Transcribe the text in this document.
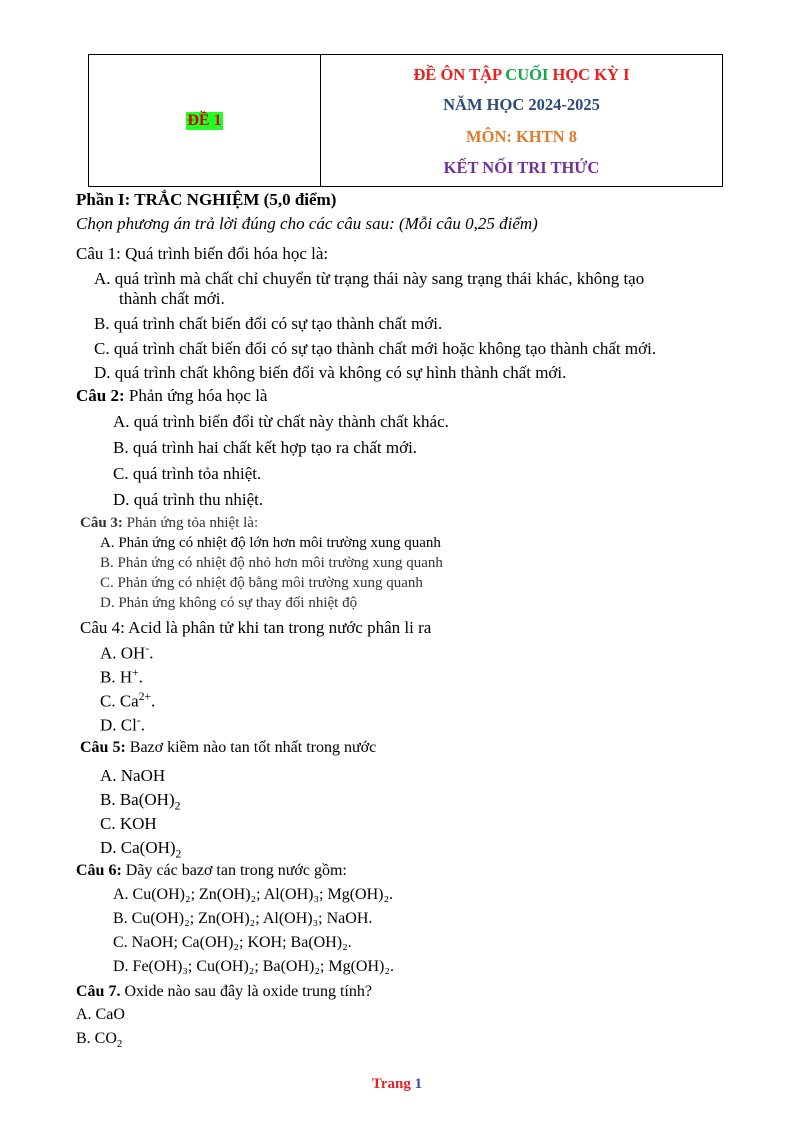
ĐỀ 1
ĐỀ ÔN TẬP CUỐI HỌC KỲ I
NĂM HỌC 2024-2025
MÔN: KHTN 8
KẾT NỐI TRI THỨC
Phần I: TRẮC NGHIỆM (5,0 điểm)
Chọn phương án trả lời đúng cho các câu sau: (Mỗi câu 0,25 điểm)
Câu 1: Quá trình biến đổi hóa học là:
A. quá trình mà chất chỉ chuyển từ trạng thái này sang trạng thái khác, không tạo
thành chất mới.
B. quá trình chất biến đổi có sự tạo thành chất mới.
C. quá trình chất biến đổi có sự tạo thành chất mới hoặc không tạo thành chất mới.
D. quá trình chất không biến đổi và không có sự hình thành chất mới.
Câu 2: Phản ứng hóa học là
A. quá trình biến đổi từ chất này thành chất khác.
B. quá trình hai chất kết hợp tạo ra chất mới.
C. quá trình tỏa nhiệt.
D. quá trình thu nhiệt.
Câu 3: Phản ứng tỏa nhiệt là:
A. Phản ứng có nhiệt độ lớn hơn môi trường xung quanh
B. Phản ứng có nhiệt độ nhỏ hơn môi trường xung quanh
C. Phản ứng có nhiệt độ bằng môi trường xung quanh
D. Phản ứng không có sự thay đổi nhiệt độ
Câu 4: Acid là phân tử khi tan trong nước phân li ra
A. OH-.
B. H+.
C. $Ca^{2+}$.
D. Cl-.
Câu 5: Bazơ kiềm nào tan tốt nhất trong nước
A. NaOH
B. $Ba(OH)_2$
C. KOH
D. $Ca(OH)_2$
Câu 6: Dãy các bazơ tan trong nước gồm:
A. Cu(OH)₂; Zn(OH)₂; Al(OH)₃; Mg(OH)₂.
B. Cu(OH)₂; Zn(OH)₂; Al(OH)₃; NaOH.
C. NaOH; Ca(OH)₂; KOH; Ba(OH)₂.
D. Fe(OH)₃; Cu(OH)₂; Ba(OH)₂; Mg(OH)₂.
Câu 7. Oxide nào sau đây là oxide trung tính?
A. CaO
B. $CO_2$
Trang 1
